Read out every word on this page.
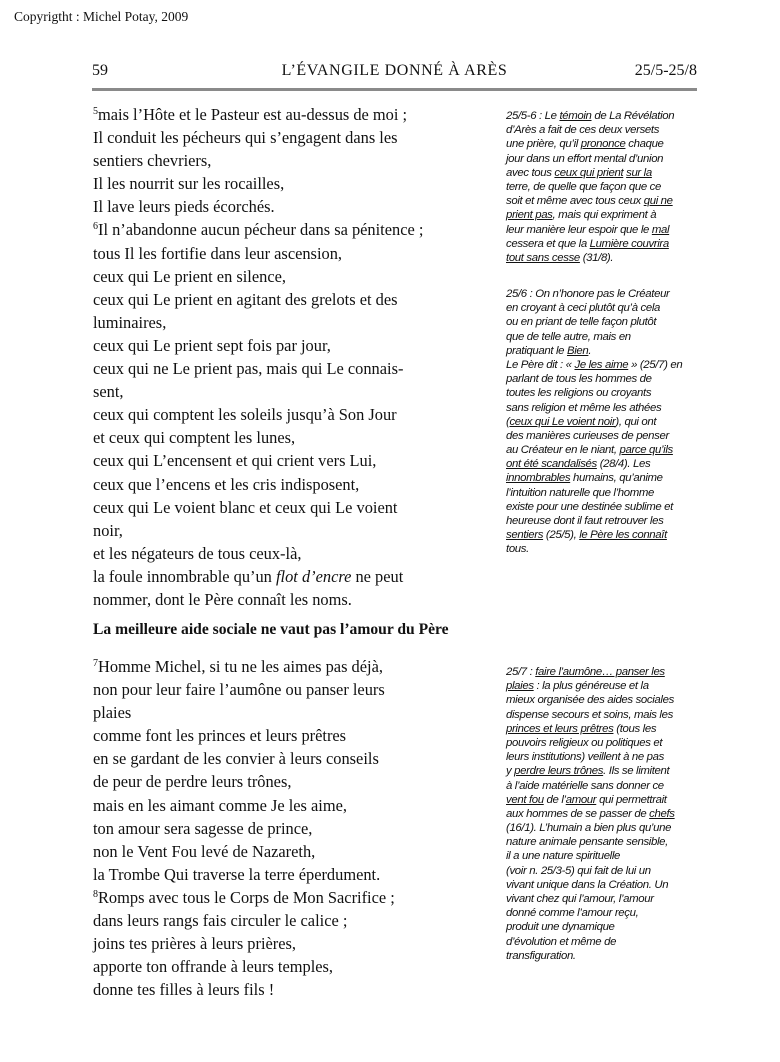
Copyrigtht : Michel Potay, 2009
59	L’ÉVANGILE DONNÉ À ARÈS	25/5-25/8
$^5$mais l’Hôte et le Pasteur est au-dessus de moi ;
Il conduit les pécheurs qui s’engagent dans les
sentiers chevriers,
Il les nourrit sur les rocailles,
Il lave leurs pieds écorchés.
$^6$Il n’abandonne aucun pécheur dans sa pénitence ;
tous Il les fortifie dans leur ascension,
ceux qui Le prient en silence,
ceux qui Le prient en agitant des grelots et des
luminaires,
ceux qui Le prient sept fois par jour,
ceux qui ne Le prient pas, mais qui Le connais-
sent,
ceux qui comptent les soleils jusqu’à Son Jour
et ceux qui comptent les lunes,
ceux qui L’encensent et qui crient vers Lui,
ceux que l’encens et les cris indisposent,
ceux qui Le voient blanc et ceux qui Le voient
noir,
et les négateurs de tous ceux-là,
la foule innombrable qu’un flot d’encre ne peut
nommer, dont le Père connaît les noms.
La meilleure aide sociale ne vaut pas l’amour du Père
$^7$Homme Michel, si tu ne les aimes pas déjà,
non pour leur faire l’aumône ou panser leurs
plaies
comme font les princes et leurs prêtres
en se gardant de les convier à leurs conseils
de peur de perdre leurs trônes,
mais en les aimant comme Je les aime,
ton amour sera sagesse de prince,
non le Vent Fou levé de Nazareth,
la Trombe Qui traverse la terre éperdument.
$^8$Romps avec tous le Corps de Mon Sacrifice ;
dans leurs rangs fais circuler le calice ;
joins tes prières à leurs prières,
apporte ton offrande à leurs temples,
donne tes filles à leurs fils !
25/5-6 : Le témoin de La Révélation
d’Arès a fait de ces deux versets
une prière, qu’il prononce chaque
jour dans un effort mental d’union
avec tous ceux qui prient sur la
terre, de quelle que façon que ce
soit et même avec tous ceux qui ne
prient pas, mais qui expriment à
leur manière leur espoir que le mal
cessera et que la Lumière couvrira
tout sans cesse (31/8).
25/6 : On n’honore pas le Créateur
en croyant à ceci plutôt qu’à cela
ou en priant de telle façon plutôt
que de telle autre, mais en
pratiquant le Bien.
Le Père dit : « Je les aime » (25/7) en
parlant de tous les hommes de
toutes les religions ou croyants
sans religion et même les athées
(ceux qui Le voient noir), qui ont
des manières curieuses de penser
au Créateur en le niant, parce qu’ils
ont été scandalisés (28/4). Les
innombrables humains, qu’anime
l’intuition naturelle que l’homme
existe pour une destinée sublime et
heureuse dont il faut retrouver les
sentiers (25/5), le Père les connaît
tous.
25/7 : faire l’aumône… panser les
plaies : la plus généreuse et la
mieux organisée des aides sociales
dispense secours et soins, mais les
princes et leurs prêtres (tous les
pouvoirs religieux ou politiques et
leurs institutions) veillent à ne pas
y perdre leurs trônes. Ils se limitent
à l’aide matérielle sans donner ce
vent fou de l’amour qui permettrait
aux hommes de se passer de chefs
(16/1). L’humain a bien plus qu’une
nature animale pensante sensible,
il a une nature spirituelle
(voir n. 25/3-5) qui fait de lui un
vivant unique dans la Création. Un
vivant chez qui l’amour, l’amour
donné comme l’amour reçu,
produit une dynamique
d’évolution et même de
transfiguration.
